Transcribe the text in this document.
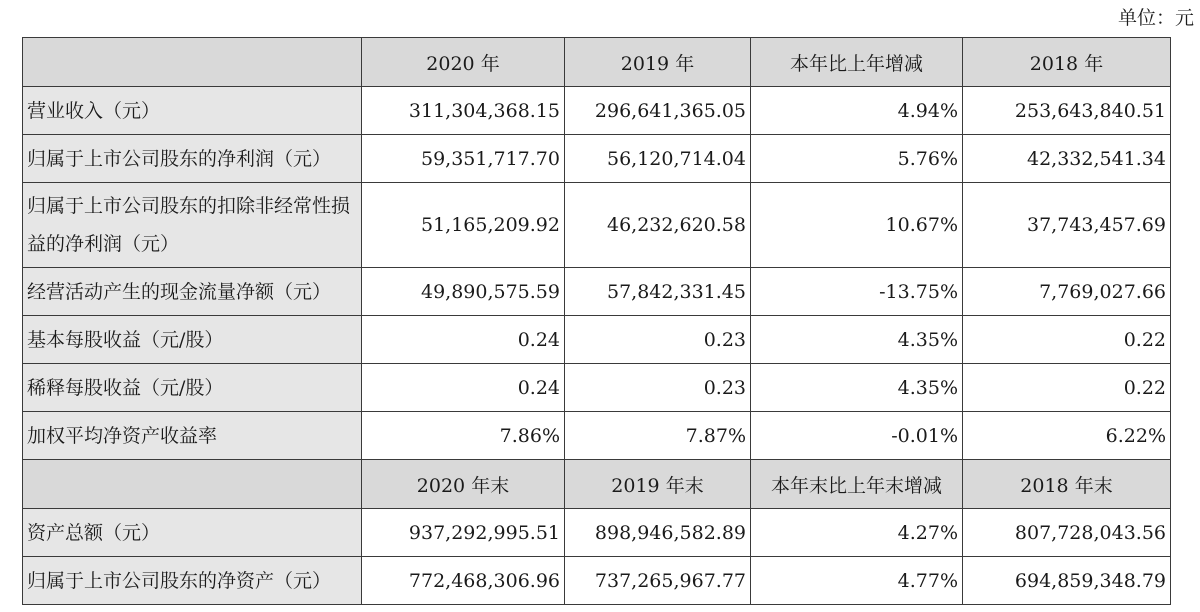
单位：元
	2020 年	2019 年	本年比上年增减	2018 年
营业收入（元）	311,304,368.15	296,641,365.05	4.94%	253,643,840.51
归属于上市公司股东的净利润（元）	59,351,717.70	56,120,714.04	5.76%	42,332,541.34
归属于上市公司股东的扣除非经常性损益的净利润（元）	51,165,209.92	46,232,620.58	10.67%	37,743,457.69
经营活动产生的现金流量净额（元）	49,890,575.59	57,842,331.45	-13.75%	7,769,027.66
基本每股收益（元/股）	0.24	0.23	4.35%	0.22
稀释每股收益（元/股）	0.24	0.23	4.35%	0.22
加权平均净资产收益率	7.86%	7.87%	-0.01%	6.22%
	2020 年末	2019 年末	本年末比上年末增减	2018 年末
资产总额（元）	937,292,995.51	898,946,582.89	4.27%	807,728,043.56
归属于上市公司股东的净资产（元）	772,468,306.96	737,265,967.77	4.77%	694,859,348.79
